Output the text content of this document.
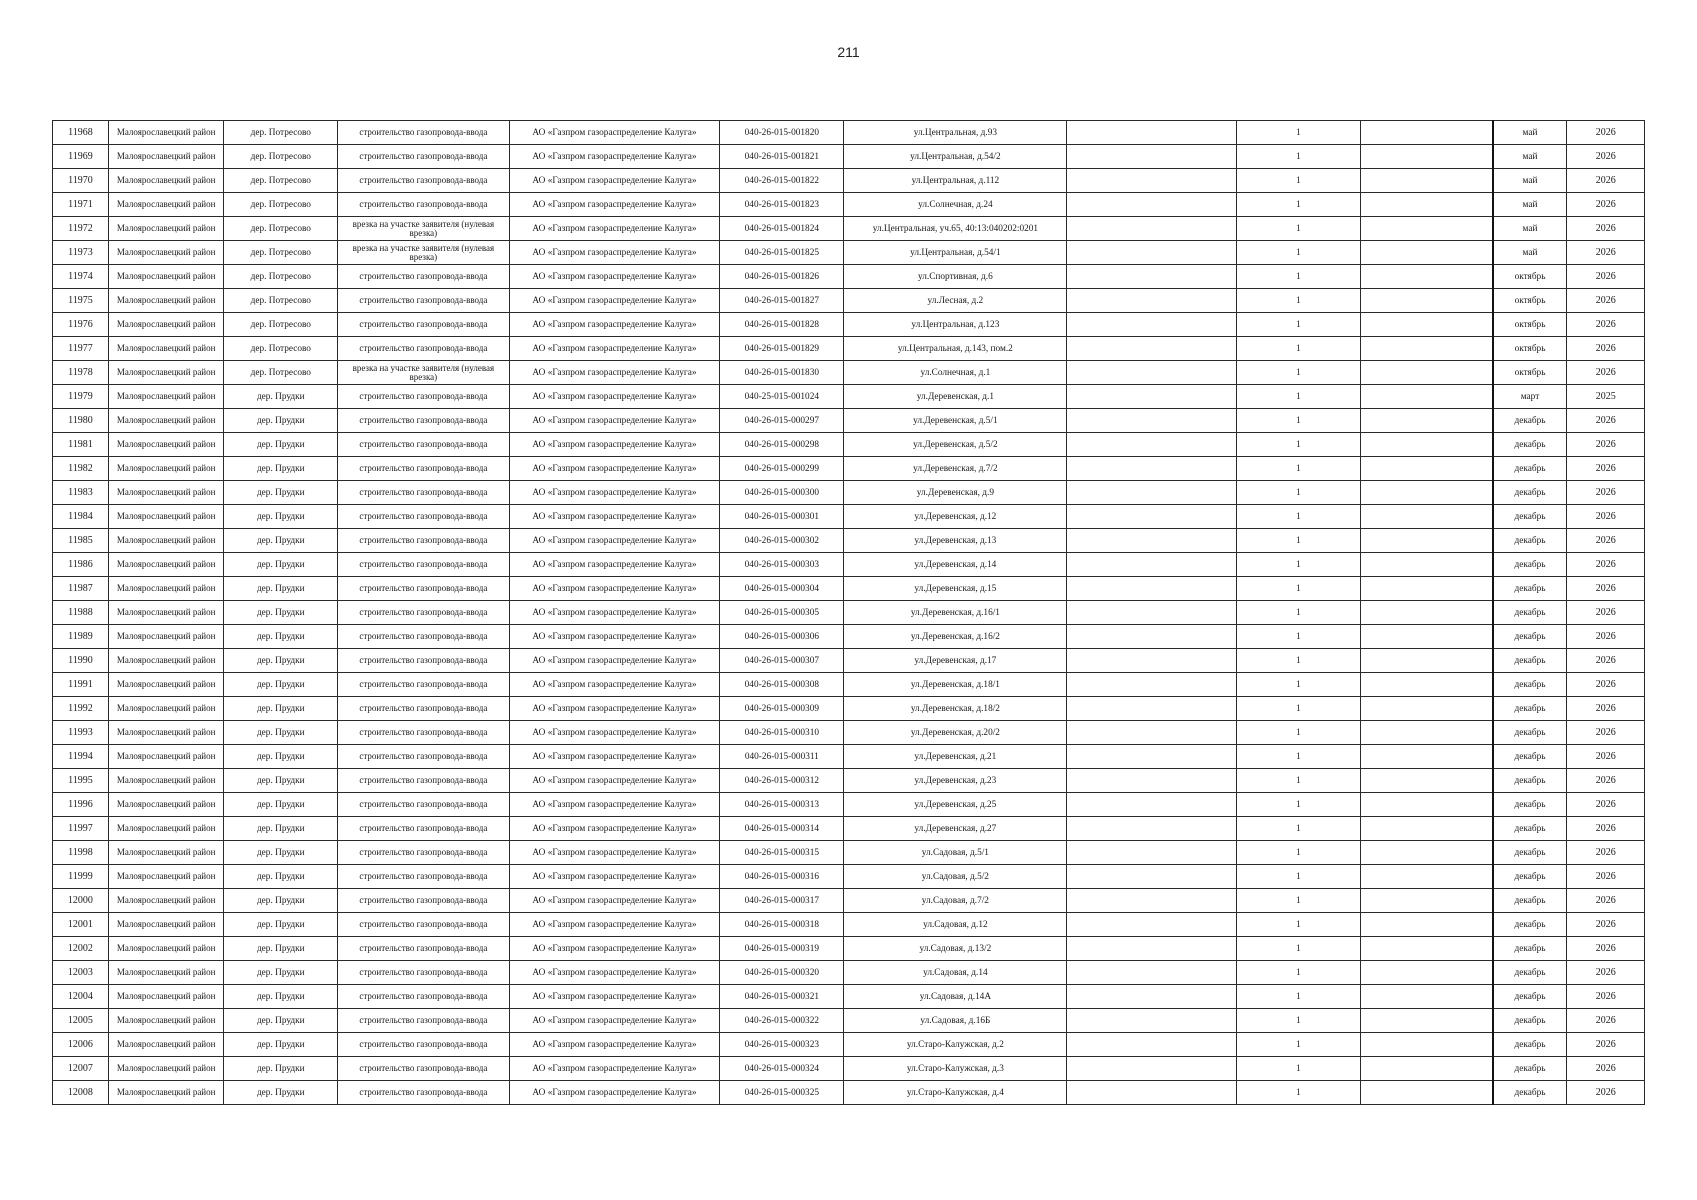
211
11968	Малоярославецкий район	дер. Потресово	строительство газопровода-ввода	АО «Газпром газораспределение Калуга»	040-26-015-001820	ул.Центральная, д.93		1		май	2026
11969	Малоярославецкий район	дер. Потресово	строительство газопровода-ввода	АО «Газпром газораспределение Калуга»	040-26-015-001821	ул.Центральная, д.54/2		1		май	2026
11970	Малоярославецкий район	дер. Потресово	строительство газопровода-ввода	АО «Газпром газораспределение Калуга»	040-26-015-001822	ул.Центральная, д.112		1		май	2026
11971	Малоярославецкий район	дер. Потресово	строительство газопровода-ввода	АО «Газпром газораспределение Калуга»	040-26-015-001823	ул.Солнечная, д.24		1		май	2026
11972	Малоярославецкий район	дер. Потресово	врезка на участке заявителя (нулевая врезка)	АО «Газпром газораспределение Калуга»	040-26-015-001824	ул.Центральная, уч.65, 40:13:040202:0201		1		май	2026
11973	Малоярославецкий район	дер. Потресово	врезка на участке заявителя (нулевая врезка)	АО «Газпром газораспределение Калуга»	040-26-015-001825	ул.Центральная, д.54/1		1		май	2026
11974	Малоярославецкий район	дер. Потресово	строительство газопровода-ввода	АО «Газпром газораспределение Калуга»	040-26-015-001826	ул.Спортивная, д.6		1		октябрь	2026
11975	Малоярославецкий район	дер. Потресово	строительство газопровода-ввода	АО «Газпром газораспределение Калуга»	040-26-015-001827	ул.Лесная, д.2		1		октябрь	2026
11976	Малоярославецкий район	дер. Потресово	строительство газопровода-ввода	АО «Газпром газораспределение Калуга»	040-26-015-001828	ул.Центральная, д.123		1		октябрь	2026
11977	Малоярославецкий район	дер. Потресово	строительство газопровода-ввода	АО «Газпром газораспределение Калуга»	040-26-015-001829	ул.Центральная, д.143, пом.2		1		октябрь	2026
11978	Малоярославецкий район	дер. Потресово	врезка на участке заявителя (нулевая врезка)	АО «Газпром газораспределение Калуга»	040-26-015-001830	ул.Солнечная, д.1		1		октябрь	2026
11979	Малоярославецкий район	дер. Прудки	строительство газопровода-ввода	АО «Газпром газораспределение Калуга»	040-25-015-001024	ул.Деревенская, д.1		1		март	2025
11980	Малоярославецкий район	дер. Прудки	строительство газопровода-ввода	АО «Газпром газораспределение Калуга»	040-26-015-000297	ул.Деревенская, д.5/1		1		декабрь	2026
11981	Малоярославецкий район	дер. Прудки	строительство газопровода-ввода	АО «Газпром газораспределение Калуга»	040-26-015-000298	ул.Деревенская, д.5/2		1		декабрь	2026
11982	Малоярославецкий район	дер. Прудки	строительство газопровода-ввода	АО «Газпром газораспределение Калуга»	040-26-015-000299	ул.Деревенская, д.7/2		1		декабрь	2026
11983	Малоярославецкий район	дер. Прудки	строительство газопровода-ввода	АО «Газпром газораспределение Калуга»	040-26-015-000300	ул.Деревенская, д.9		1		декабрь	2026
11984	Малоярославецкий район	дер. Прудки	строительство газопровода-ввода	АО «Газпром газораспределение Калуга»	040-26-015-000301	ул.Деревенская, д.12		1		декабрь	2026
11985	Малоярославецкий район	дер. Прудки	строительство газопровода-ввода	АО «Газпром газораспределение Калуга»	040-26-015-000302	ул.Деревенская, д.13		1		декабрь	2026
11986	Малоярославецкий район	дер. Прудки	строительство газопровода-ввода	АО «Газпром газораспределение Калуга»	040-26-015-000303	ул.Деревенская, д.14		1		декабрь	2026
11987	Малоярославецкий район	дер. Прудки	строительство газопровода-ввода	АО «Газпром газораспределение Калуга»	040-26-015-000304	ул.Деревенская, д.15		1		декабрь	2026
11988	Малоярославецкий район	дер. Прудки	строительство газопровода-ввода	АО «Газпром газораспределение Калуга»	040-26-015-000305	ул.Деревенская, д.16/1		1		декабрь	2026
11989	Малоярославецкий район	дер. Прудки	строительство газопровода-ввода	АО «Газпром газораспределение Калуга»	040-26-015-000306	ул.Деревенская, д.16/2		1		декабрь	2026
11990	Малоярославецкий район	дер. Прудки	строительство газопровода-ввода	АО «Газпром газораспределение Калуга»	040-26-015-000307	ул.Деревенская, д.17		1		декабрь	2026
11991	Малоярославецкий район	дер. Прудки	строительство газопровода-ввода	АО «Газпром газораспределение Калуга»	040-26-015-000308	ул.Деревенская, д.18/1		1		декабрь	2026
11992	Малоярославецкий район	дер. Прудки	строительство газопровода-ввода	АО «Газпром газораспределение Калуга»	040-26-015-000309	ул.Деревенская, д.18/2		1		декабрь	2026
11993	Малоярославецкий район	дер. Прудки	строительство газопровода-ввода	АО «Газпром газораспределение Калуга»	040-26-015-000310	ул.Деревенская, д.20/2		1		декабрь	2026
11994	Малоярославецкий район	дер. Прудки	строительство газопровода-ввода	АО «Газпром газораспределение Калуга»	040-26-015-000311	ул.Деревенская, д.21		1		декабрь	2026
11995	Малоярославецкий район	дер. Прудки	строительство газопровода-ввода	АО «Газпром газораспределение Калуга»	040-26-015-000312	ул.Деревенская, д.23		1		декабрь	2026
11996	Малоярославецкий район	дер. Прудки	строительство газопровода-ввода	АО «Газпром газораспределение Калуга»	040-26-015-000313	ул.Деревенская, д.25		1		декабрь	2026
11997	Малоярославецкий район	дер. Прудки	строительство газопровода-ввода	АО «Газпром газораспределение Калуга»	040-26-015-000314	ул.Деревенская, д.27		1		декабрь	2026
11998	Малоярославецкий район	дер. Прудки	строительство газопровода-ввода	АО «Газпром газораспределение Калуга»	040-26-015-000315	ул.Садовая, д.5/1		1		декабрь	2026
11999	Малоярославецкий район	дер. Прудки	строительство газопровода-ввода	АО «Газпром газораспределение Калуга»	040-26-015-000316	ул.Садовая, д.5/2		1		декабрь	2026
12000	Малоярославецкий район	дер. Прудки	строительство газопровода-ввода	АО «Газпром газораспределение Калуга»	040-26-015-000317	ул.Садовая, д.7/2		1		декабрь	2026
12001	Малоярославецкий район	дер. Прудки	строительство газопровода-ввода	АО «Газпром газораспределение Калуга»	040-26-015-000318	ул.Садовая, д.12		1		декабрь	2026
12002	Малоярославецкий район	дер. Прудки	строительство газопровода-ввода	АО «Газпром газораспределение Калуга»	040-26-015-000319	ул.Садовая, д.13/2		1		декабрь	2026
12003	Малоярославецкий район	дер. Прудки	строительство газопровода-ввода	АО «Газпром газораспределение Калуга»	040-26-015-000320	ул.Садовая, д.14		1		декабрь	2026
12004	Малоярославецкий район	дер. Прудки	строительство газопровода-ввода	АО «Газпром газораспределение Калуга»	040-26-015-000321	ул.Садовая, д.14А		1		декабрь	2026
12005	Малоярославецкий район	дер. Прудки	строительство газопровода-ввода	АО «Газпром газораспределение Калуга»	040-26-015-000322	ул.Садовая, д.16Б		1		декабрь	2026
12006	Малоярославецкий район	дер. Прудки	строительство газопровода-ввода	АО «Газпром газораспределение Калуга»	040-26-015-000323	ул.Старо-Калужская, д.2		1		декабрь	2026
12007	Малоярославецкий район	дер. Прудки	строительство газопровода-ввода	АО «Газпром газораспределение Калуга»	040-26-015-000324	ул.Старо-Калужская, д.3		1		декабрь	2026
12008	Малоярославецкий район	дер. Прудки	строительство газопровода-ввода	АО «Газпром газораспределение Калуга»	040-26-015-000325	ул.Старо-Калужская, д.4		1		декабрь	2026
